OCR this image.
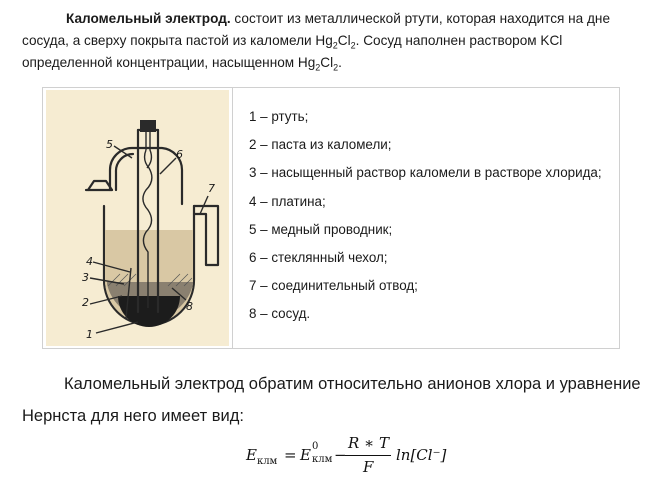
Каломельный электрод. состоит из металлической ртути, которая находится на дне сосуда, а сверху покрыта пастой из каломели $Hg_2Cl_2$. Сосуд наполнен раствором KCl определенной концентрации, насыщенном $Hg_2Cl_2$.
1
2
3
4
5
6
7
8
1 – ртуть;
2 – паста из каломели;
3 – насыщенный раствор каломели в растворе хлорида;
4 – платина;
5 – медный проводник;
6 – стеклянный чехол;
7 – соединительный отвод;
8 – сосуд.
Каломельный электрод обратим относительно анионов хлора и уравнение Нернста для него имеет вид:
$E_{клм} = E$ 0
клм −
R ∗ T
F
ln[Cl⁻]
